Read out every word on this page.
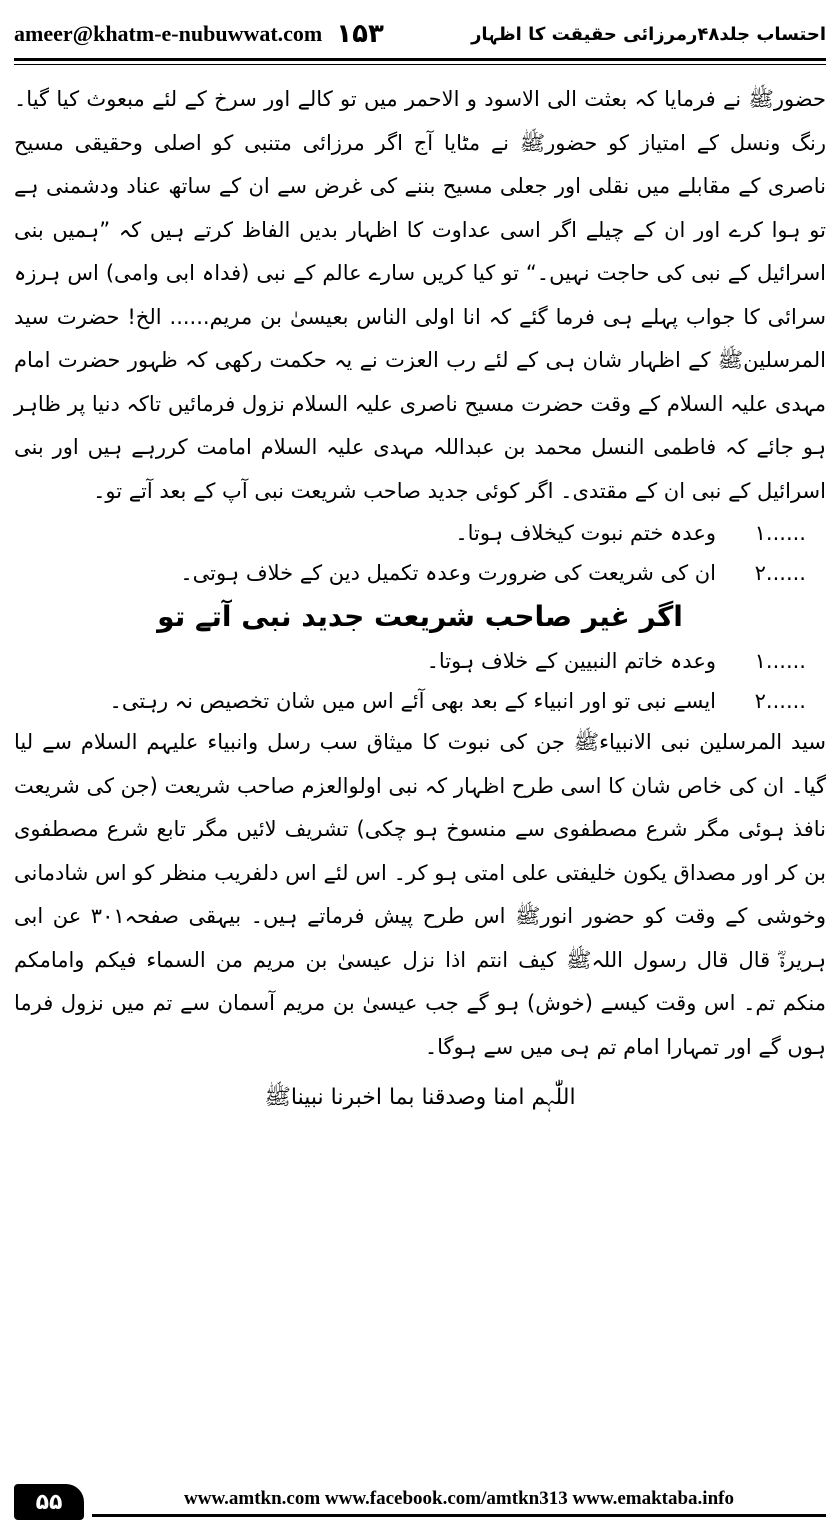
ameer@khatm-e-nubuwwat.com ۱۵۳	احتساب جلد۴۸رمرزائی حقیقت کا اظہار

حضورﷺ نے فرمایا کہ بعثت الی الاسود و الاحمر میں تو کالے اور سرخ کے لئے مبعوث کیا گیا۔ رنگ ونسل کے امتیاز کو حضورﷺ نے مٹایا آج اگر مرزائی متنبی کو اصلی وحقیقی مسیح ناصری کے مقابلے میں نقلی اور جعلی مسیح بننے کی غرض سے ان کے ساتھ عناد ودشمنی ہے تو ہوا کرے اور ان کے چیلے اگر اسی عداوت کا اظہار بدیں الفاظ کرتے ہیں کہ ”ہمیں بنی اسرائیل کے نبی کی حاجت نہیں۔“ تو کیا کریں سارے عالم کے نبی (فداہ ابی وامی) اس ہرزہ سرائی کا جواب پہلے ہی فرما گئے کہ انا اولی الناس بعیسیٰ بن مریم...... الخ! حضرت سید المرسلینﷺ کے اظہار شان ہی کے لئے رب العزت نے یہ حکمت رکھی کہ ظہور حضرت امام مہدی علیہ السلام کے وقت حضرت مسیح ناصری علیہ السلام نزول فرمائیں تاکہ دنیا پر ظاہر ہو جائے کہ فاطمی النسل محمد بن عبداللہ مہدی علیہ السلام امامت کررہے ہیں اور بنی اسرائیل کے نبی ان کے مقتدی۔ اگر کوئی جدید صاحب شریعت نبی آپ کے بعد آتے تو۔

۱......
وعدہ ختم نبوت کیخلاف ہوتا۔
۲......
ان کی شریعت کی ضرورت وعدہ تکمیل دین کے خلاف ہوتی۔
اگر غیر صاحب شریعت جدید نبی آتے تو
۱......
وعدہ خاتم النبیین کے خلاف ہوتا۔
۲......
ایسے نبی تو اور انبیاء کے بعد بھی آئے اس میں شان تخصیص نہ رہتی۔

سید المرسلین نبی الانبیاءﷺ جن کی نبوت کا میثاق سب رسل وانبیاء علیہم السلام سے لیا گیا۔ ان کی خاص شان کا اسی طرح اظہار کہ نبی اولوالعزم صاحب شریعت (جن کی شریعت نافذ ہوئی مگر شرع مصطفوی سے منسوخ ہو چکی) تشریف لائیں مگر تابع شرع مصطفوی بن کر اور مصداق یکون خلیفتی علی امتی ہو کر۔ اس لئے اس دلفریب منظر کو اس شادمانی وخوشی کے وقت کو حضور انورﷺ اس طرح پیش فرماتے ہیں۔ بیہقی صفحہ۳۰۱ عن ابی ہریرةؓ قال قال رسول اللہﷺ کیف انتم اذا نزل عیسیٰ بن مریم من السماء فیکم وامامکم منکم تم۔ اس وقت کیسے (خوش) ہو گے جب عیسیٰ بن مریم آسمان سے تم میں نزول فرما ہوں گے اور تمہارا امام تم ہی میں سے ہوگا۔

اللّٰہم امنا وصدقنا بما اخبرنا نبیناﷺ
۵۵	www.amtkn.com www.facebook.com/amtkn313 www.emaktaba.info
